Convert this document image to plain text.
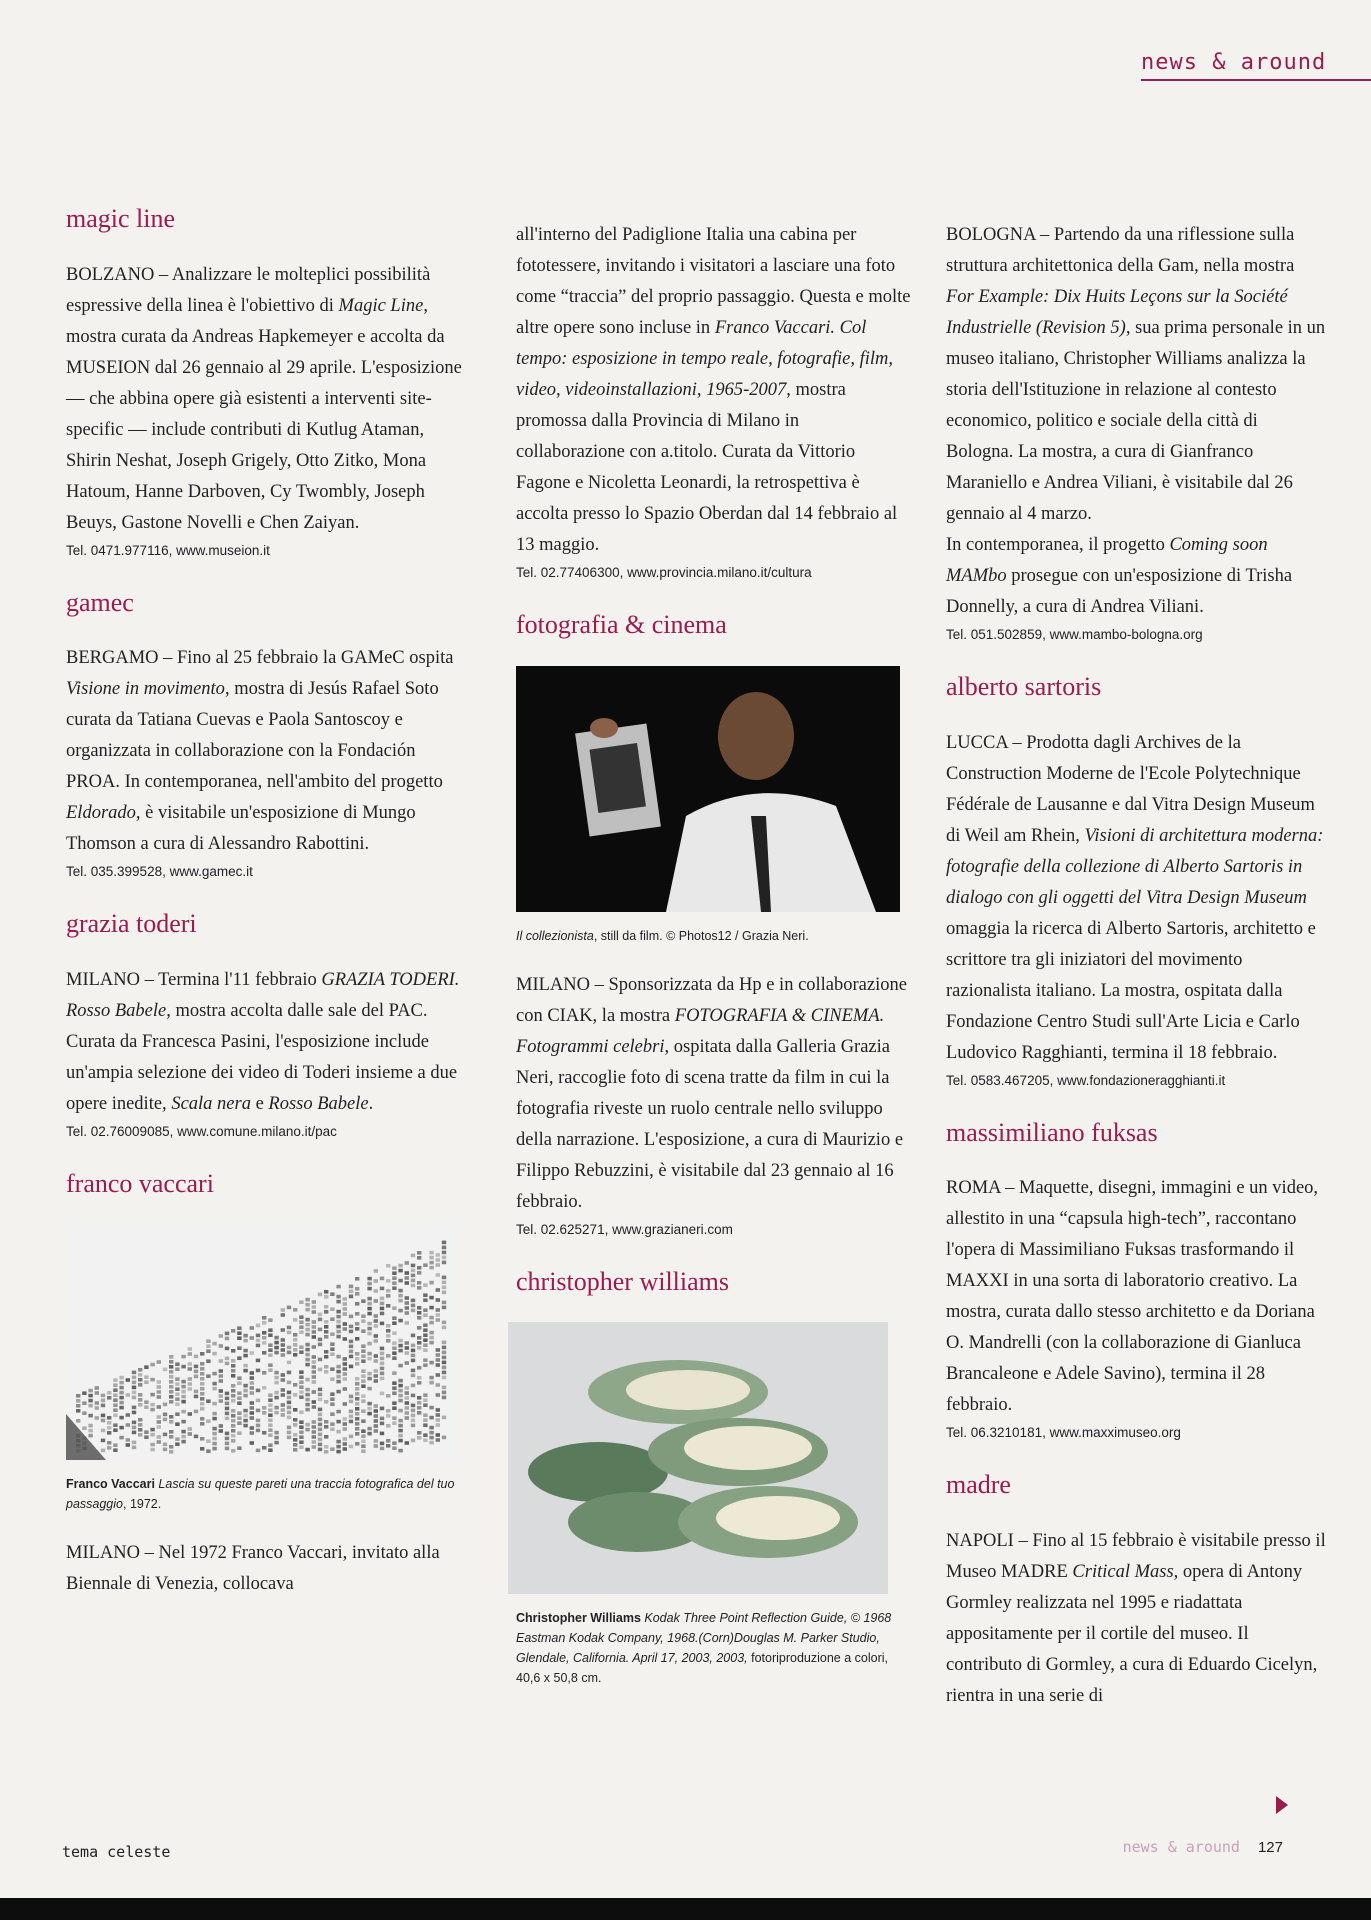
news & around
magic line

BOLZANO – Analizzare le molteplici possibilità espressive della linea è l'obiettivo di Magic Line, mostra curata da Andreas Hapkemeyer e accolta da MUSEION dal 26 gennaio al 29 aprile. L'esposizione — che abbina opere già esistenti a interventi site-specific — include contributi di Kutlug Ataman, Shirin Neshat, Joseph Grigely, Otto Zitko, Mona Hatoum, Hanne Darboven, Cy Twombly, Joseph Beuys, Gastone Novelli e Chen Zaiyan.

Tel. 0471.977116, www.museion.it
gamec

BERGAMO – Fino al 25 febbraio la GAMeC ospita Visione in movimento, mostra di Jesús Rafael Soto curata da Tatiana Cuevas e Paola Santoscoy e organizzata in collaborazione con la Fondación PROA. In contemporanea, nell'ambito del progetto Eldorado, è visitabile un'esposizione di Mungo Thomson a cura di Alessandro Rabottini.

Tel. 035.399528, www.gamec.it
grazia toderi

MILANO – Termina l'11 febbraio GRAZIA TODERI. Rosso Babele, mostra accolta dalle sale del PAC. Curata da Francesca Pasini, l'esposizione include un'ampia selezione dei video di Toderi insieme a due opere inedite, Scala nera e Rosso Babele.

Tel. 02.76009085, www.comune.milano.it/pac
franco vaccari
Franco Vaccari Lascia su queste pareti una traccia fotografica del tuo passaggio, 1972.

MILANO – Nel 1972 Franco Vaccari, invitato alla Biennale di Venezia, collocava

all'interno del Padiglione Italia una cabina per fototessere, invitando i visitatori a lasciare una foto come “traccia” del proprio passaggio. Questa e molte altre opere sono incluse in Franco Vaccari. Col tempo: esposizione in tempo reale, fotografie, film, video, videoinstallazioni, 1965-2007, mostra promossa dalla Provincia di Milano in collaborazione con a.titolo. Curata da Vittorio Fagone e Nicoletta Leonardi, la retrospettiva è accolta presso lo Spazio Oberdan dal 14 febbraio al 13 maggio.

Tel. 02.77406300, www.provincia.milano.it/cultura
fotografia & cinema
Il collezionista, still da film. © Photos12 / Grazia Neri.

MILANO – Sponsorizzata da Hp e in collaborazione con CIAK, la mostra FOTOGRAFIA & CINEMA. Fotogrammi celebri, ospitata dalla Galleria Grazia Neri, raccoglie foto di scena tratte da film in cui la fotografia riveste un ruolo centrale nello sviluppo della narrazione. L'esposizione, a cura di Maurizio e Filippo Rebuzzini, è visitabile dal 23 gennaio al 16 febbraio.

Tel. 02.625271, www.grazianeri.com
christopher williams
Christopher Williams Kodak Three Point Reflection Guide, © 1968 Eastman Kodak Company, 1968.(Corn)Douglas M. Parker Studio, Glendale, California. April 17, 2003, 2003, fotoriproduzione a colori, 40,6 x 50,8 cm.

BOLOGNA – Partendo da una riflessione sulla struttura architettonica della Gam, nella mostra For Example: Dix Huits Leçons sur la Société Industrielle (Revision 5), sua prima personale in un museo italiano, Christopher Williams analizza la storia dell'Istituzione in relazione al contesto economico, politico e sociale della città di Bologna. La mostra, a cura di Gianfranco Maraniello e Andrea Viliani, è visitabile dal 26 gennaio al 4 marzo.
In contemporanea, il progetto Coming soon MAMbo prosegue con un'esposizione di Trisha Donnelly, a cura di Andrea Viliani.

Tel. 051.502859, www.mambo-bologna.org
alberto sartoris

LUCCA – Prodotta dagli Archives de la Construction Moderne de l'Ecole Polytechnique Fédérale de Lausanne e dal Vitra Design Museum di Weil am Rhein, Visioni di architettura moderna: fotografie della collezione di Alberto Sartoris in dialogo con gli oggetti del Vitra Design Museum omaggia la ricerca di Alberto Sartoris, architetto e scrittore tra gli iniziatori del movimento razionalista italiano. La mostra, ospitata dalla Fondazione Centro Studi sull'Arte Licia e Carlo Ludovico Ragghianti, termina il 18 febbraio.

Tel. 0583.467205, www.fondazioneragghianti.it
massimiliano fuksas

ROMA – Maquette, disegni, immagini e un video, allestito in una “capsula high-tech”, raccontano l'opera di Massimiliano Fuksas trasformando il MAXXI in una sorta di laboratorio creativo. La mostra, curata dallo stesso architetto e da Doriana O. Mandrelli (con la collaborazione di Gianluca Brancaleone e Adele Savino), termina il 28 febbraio.

Tel. 06.3210181, www.maxximuseo.org
madre

NAPOLI – Fino al 15 febbraio è visitabile presso il Museo MADRE Critical Mass, opera di Antony Gormley realizzata nel 1995 e riadattata appositamente per il cortile del museo. Il contributo di Gormley, a cura di Eduardo Cicelyn, rientra in una serie di

tema celeste	news & around 127
